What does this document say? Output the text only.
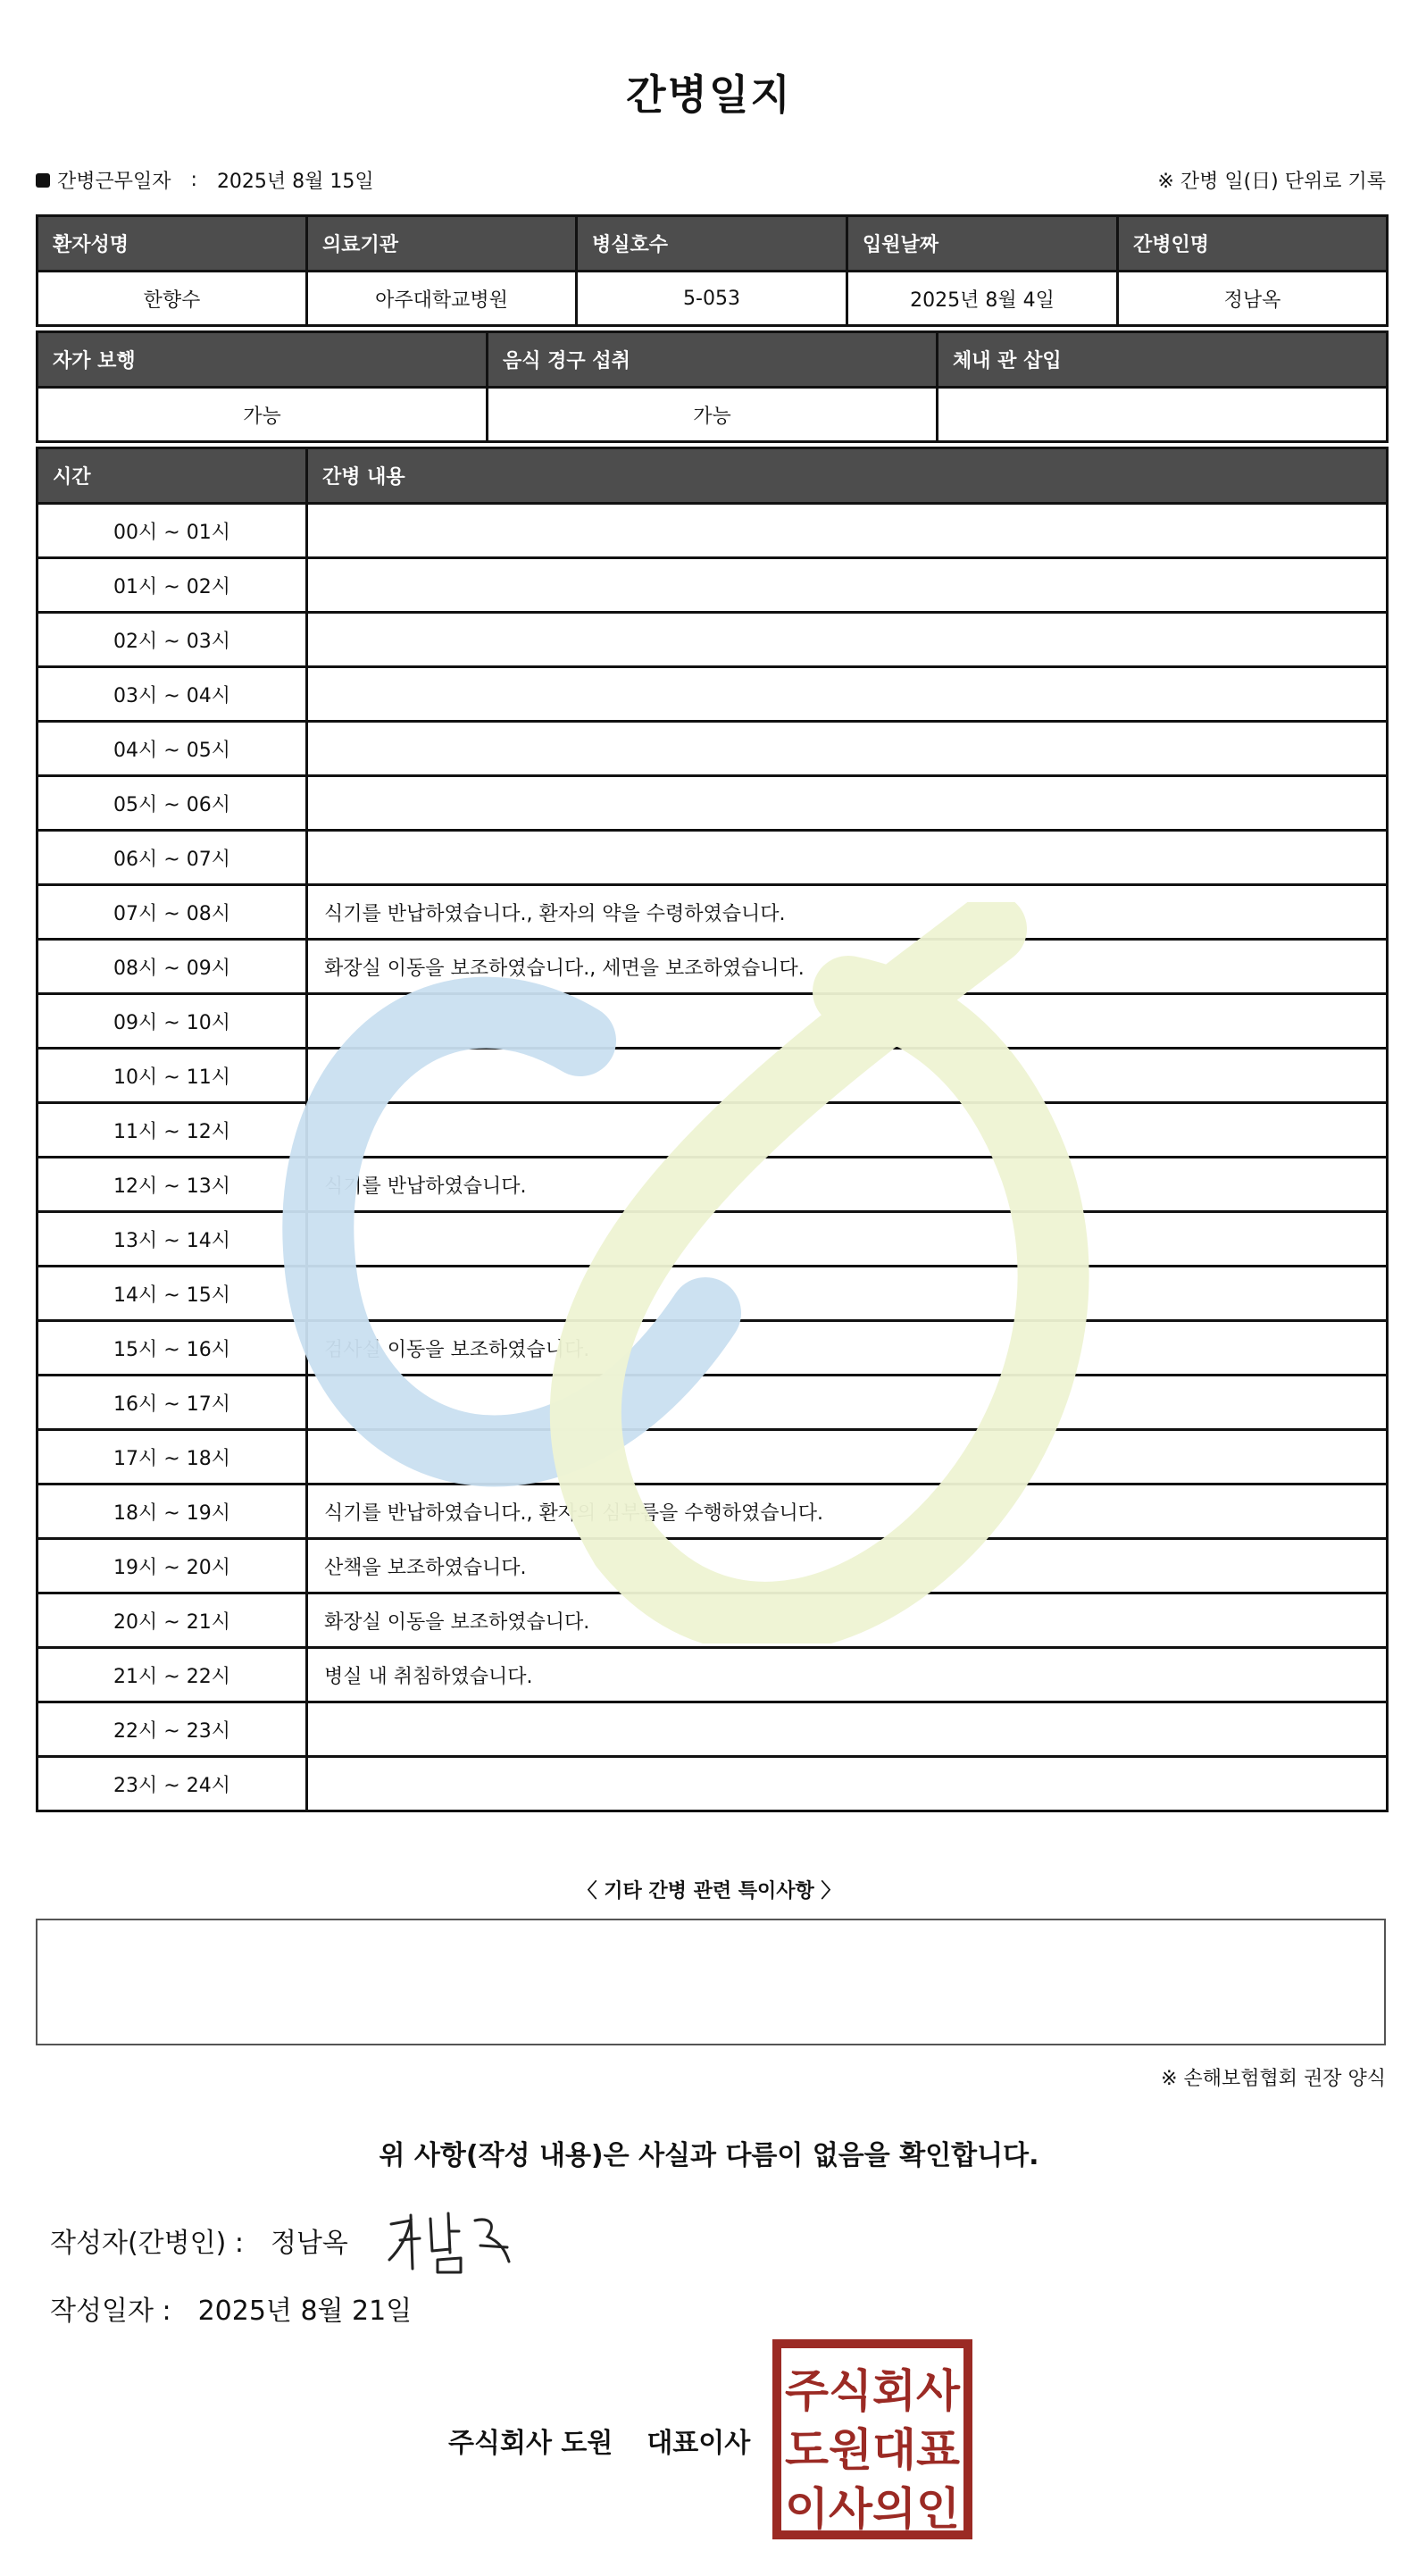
간병일지
간병근무일자 : 2025년 8월 15일	※ 간병 일(日) 단위로 기록
환자성명	의료기관	병실호수	입원날짜	간병인명
한향수	아주대학교병원	5-053	2025년 8월 4일	정남옥
자가 보행	음식 경구 섭취	체내 관 삽입
가능	가능	
시간	간병 내용
00시 ~ 01시	
01시 ~ 02시	
02시 ~ 03시	
03시 ~ 04시	
04시 ~ 05시	
05시 ~ 06시	
06시 ~ 07시	
07시 ~ 08시	식기를 반납하였습니다., 환자의 약을 수령하였습니다.
08시 ~ 09시	화장실 이동을 보조하였습니다., 세면을 보조하였습니다.
09시 ~ 10시	
10시 ~ 11시	
11시 ~ 12시	
12시 ~ 13시	식기를 반납하였습니다.
13시 ~ 14시	
14시 ~ 15시	
15시 ~ 16시	검사실 이동을 보조하였습니다.
16시 ~ 17시	
17시 ~ 18시	
18시 ~ 19시	식기를 반납하였습니다., 환자의 심부름을 수행하였습니다.
19시 ~ 20시	산책을 보조하였습니다.
20시 ~ 21시	화장실 이동을 보조하였습니다.
21시 ~ 22시	병실 내 취침하였습니다.
22시 ~ 23시	
23시 ~ 24시	
〈 기타 간병 관련 특이사항 〉
※ 손해보험협회 권장 양식
위 사항(작성 내용)은 사실과 다름이 없음을 확인합니다.
작성자(간병인) : 정남옥
작성일자 : 2025년 8월 21일
주식회사 도원 대표이사
주식회사
도원대표
이사의인
